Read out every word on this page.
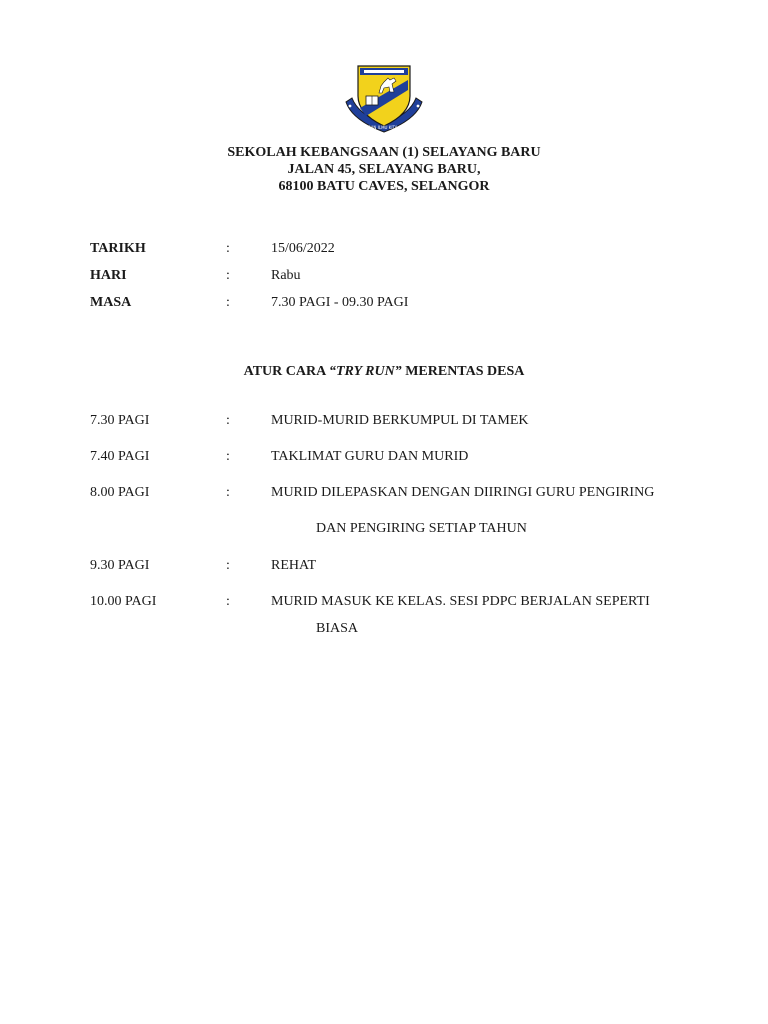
DENGAN ILMU KITA MAJU
SEKOLAH KEBANGSAAN (1) SELAYANG BARU
JALAN 45, SELAYANG BARU,
68100 BATU CAVES, SELANGOR
TARIKH	:	15/06/2022
HARI	:	Rabu
MASA	:	7.30 PAGI - 09.30 PAGI
ATUR CARA “TRY RUN” MERENTAS DESA
7.30 PAGI	:	MURID-MURID BERKUMPUL DI TAMEK
7.40 PAGI	:	TAKLIMAT GURU DAN MURID
8.00 PAGI	:	MURID DILEPASKAN DENGAN DIIRINGI GURU PENGIRING
DAN PENGIRING SETIAP TAHUN
9.30 PAGI	:	REHAT
10.00 PAGI	:	MURID MASUK KE KELAS. SESI PDPC BERJALAN SEPERTI
BIASA
